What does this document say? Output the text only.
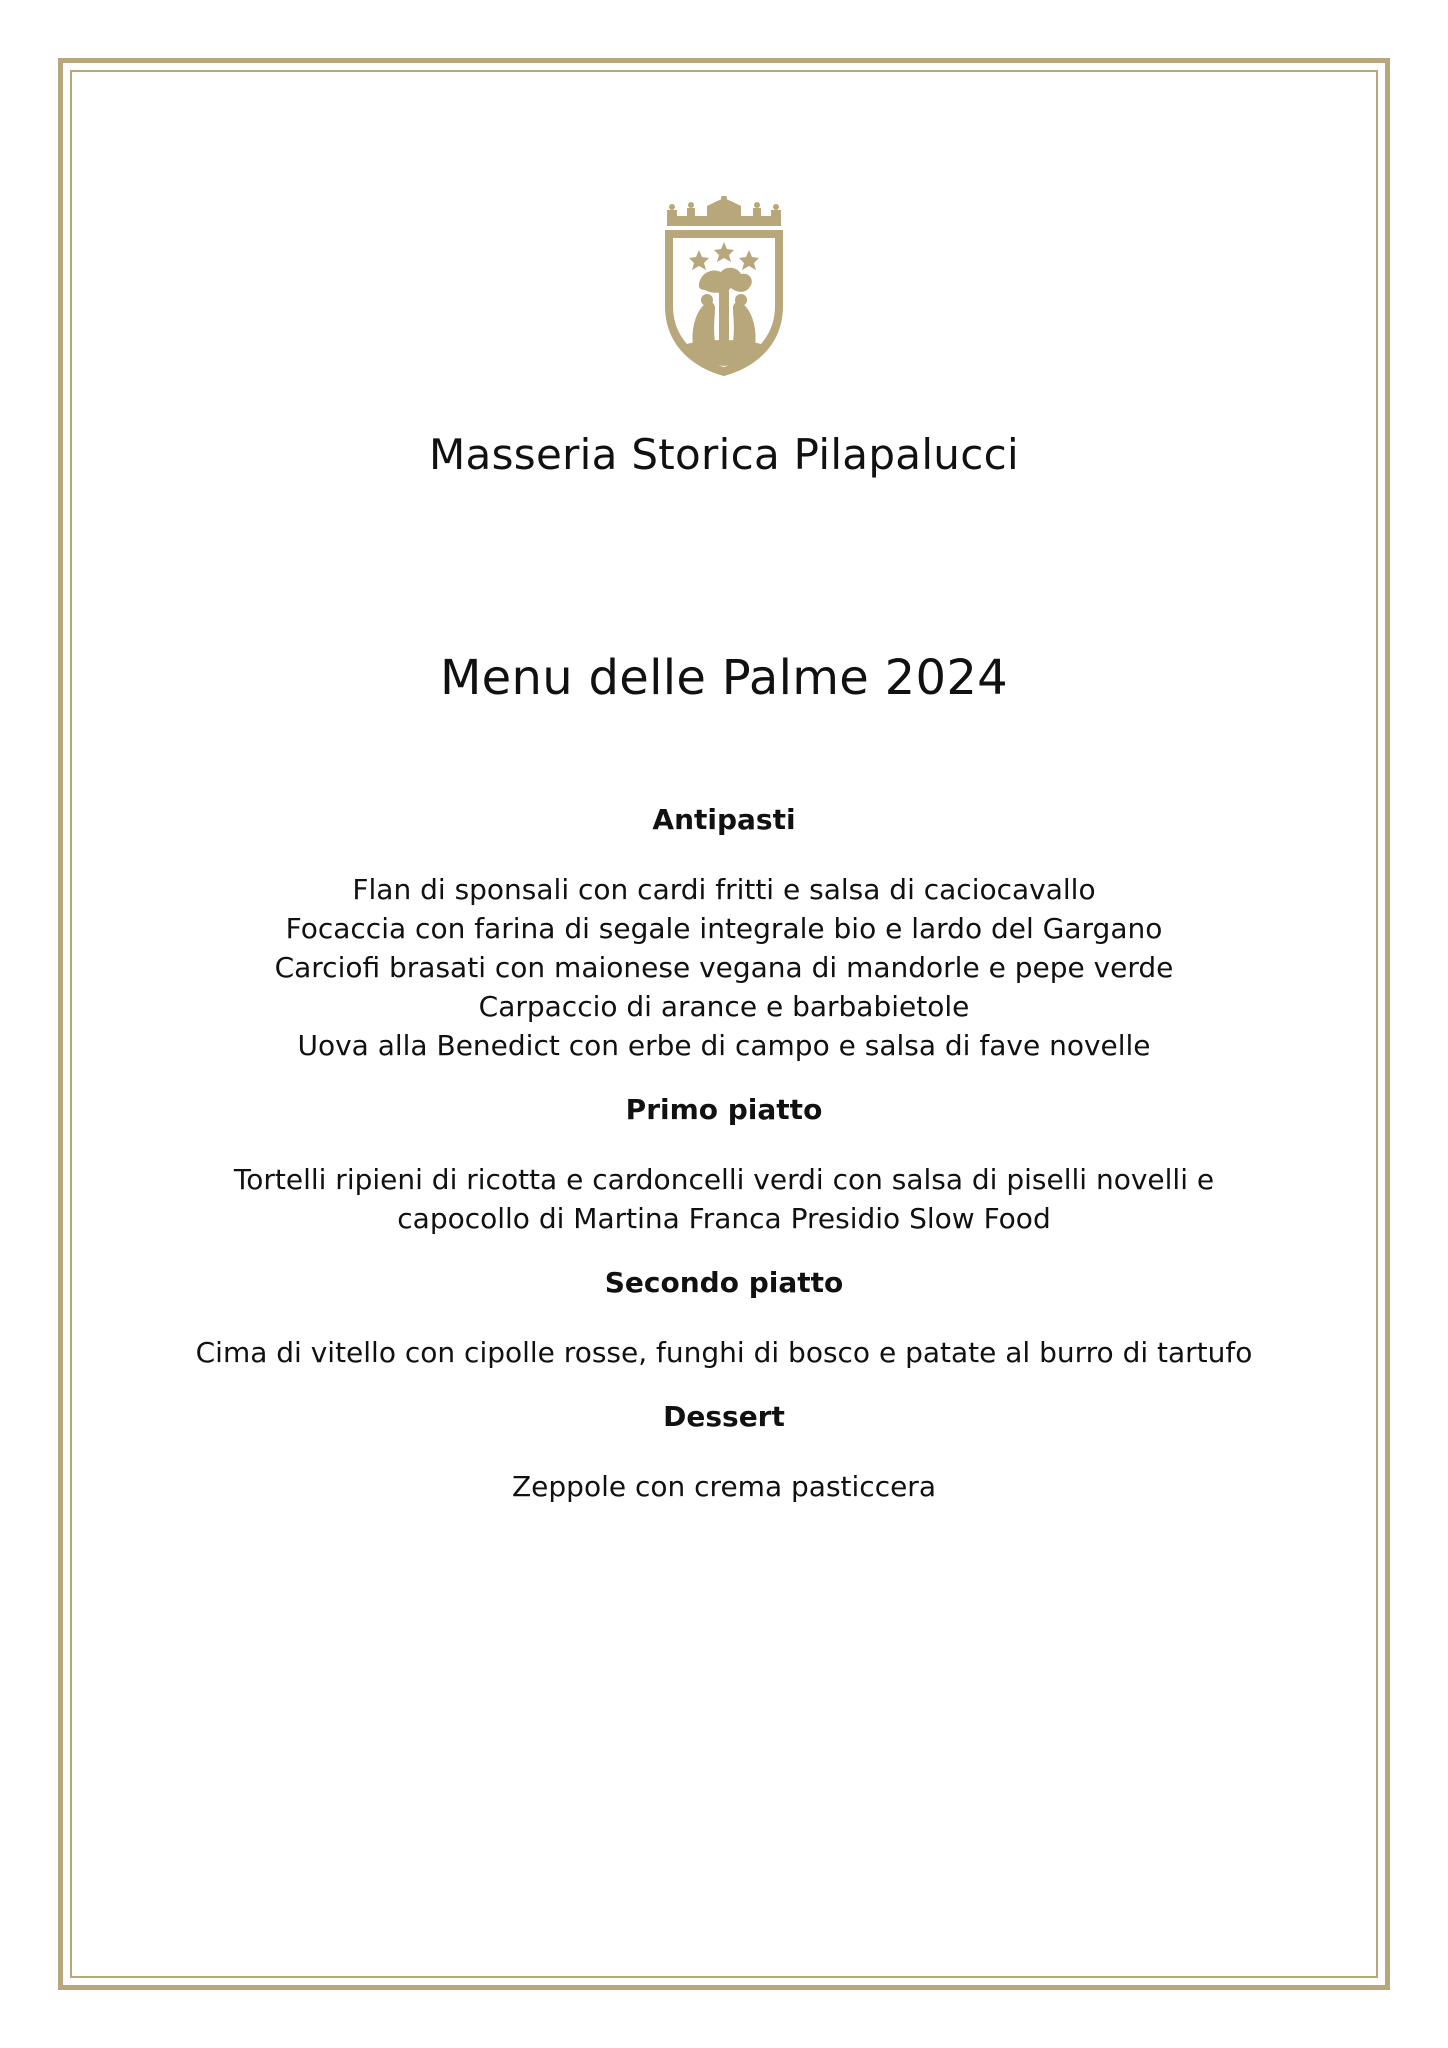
Masseria Storica Pilapalucci
Menu delle Palme 2024
Antipasti
Flan di sponsali con cardi fritti e salsa di caciocavallo
Focaccia con farina di segale integrale bio e lardo del Gargano
Carciofi brasati con maionese vegana di mandorle e pepe verde
Carpaccio di arance e barbabietole
Uova alla Benedict con erbe di campo e salsa di fave novelle
Primo piatto
Tortelli ripieni di ricotta e cardoncelli verdi con salsa di piselli novelli e
capocollo di Martina Franca Presidio Slow Food
Secondo piatto
Cima di vitello con cipolle rosse, funghi di bosco e patate al burro di tartufo
Dessert
Zeppole con crema pasticcera
